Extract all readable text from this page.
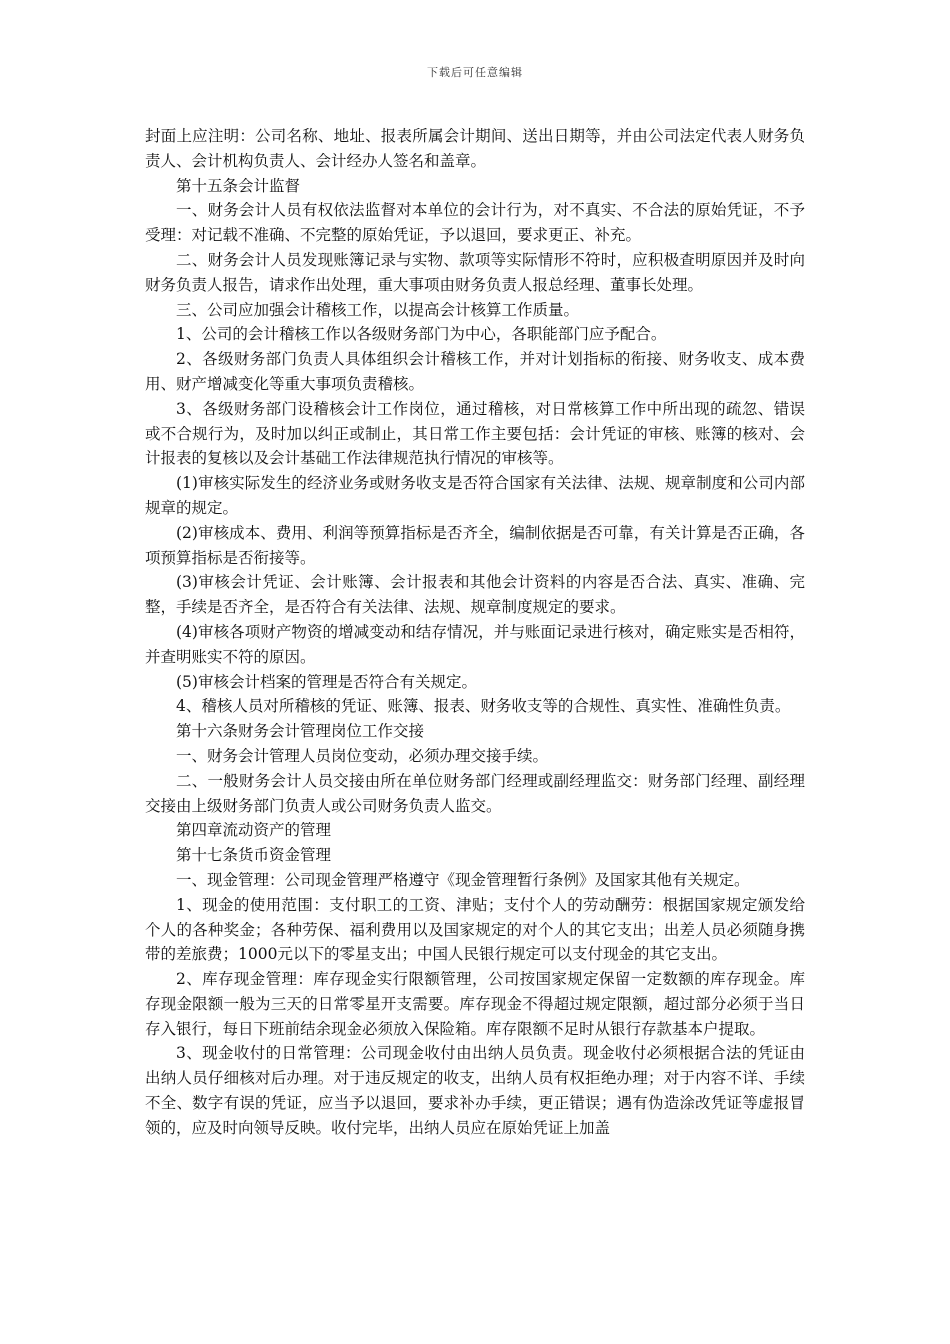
下载后可任意编辑

封面上应注明：公司名称、地址、报表所属会计期间、送出日期等，并由公司法定代表人财务负责人、会计机构负责人、会计经办人签名和盖章。

第十五条会计监督

一、财务会计人员有权依法监督对本单位的会计行为，对不真实、不合法的原始凭证，不予受理：对记载不准确、不完整的原始凭证，予以退回，要求更正、补充。

二、财务会计人员发现账簿记录与实物、款项等实际情形不符时，应积极查明原因并及时向财务负责人报告，请求作出处理，重大事项由财务负责人报总经理、董事长处理。

三、公司应加强会计稽核工作，以提高会计核算工作质量。

1、公司的会计稽核工作以各级财务部门为中心，各职能部门应予配合。

2、各级财务部门负责人具体组织会计稽核工作，并对计划指标的衔接、财务收支、成本费用、财产增减变化等重大事项负责稽核。

3、各级财务部门设稽核会计工作岗位，通过稽核，对日常核算工作中所出现的疏忽、错误或不合规行为，及时加以纠正或制止，其日常工作主要包括：会计凭证的审核、账簿的核对、会计报表的复核以及会计基础工作法律规范执行情况的审核等。

(1)审核实际发生的经济业务或财务收支是否符合国家有关法律、法规、规章制度和公司内部规章的规定。

(2)审核成本、费用、利润等预算指标是否齐全，编制依据是否可靠，有关计算是否正确，各项预算指标是否衔接等。

(3)审核会计凭证、会计账簿、会计报表和其他会计资料的内容是否合法、真实、准确、完整，手续是否齐全，是否符合有关法律、法规、规章制度规定的要求。

(4)审核各项财产物资的增减变动和结存情况，并与账面记录进行核对，确定账实是否相符，并查明账实不符的原因。

(5)审核会计档案的管理是否符合有关规定。

4、稽核人员对所稽核的凭证、账簿、报表、财务收支等的合规性、真实性、准确性负责。

第十六条财务会计管理岗位工作交接

一、财务会计管理人员岗位变动，必须办理交接手续。

二、一般财务会计人员交接由所在单位财务部门经理或副经理监交：财务部门经理、副经理交接由上级财务部门负责人或公司财务负责人监交。

第四章流动资产的管理

第十七条货币资金管理

一、现金管理：公司现金管理严格遵守《现金管理暂行条例》及国家其他有关规定。

1、现金的使用范围：支付职工的工资、津贴；支付个人的劳动酬劳：根据国家规定颁发给个人的各种奖金；各种劳保、福利费用以及国家规定的对个人的其它支出；出差人员必须随身携带的差旅费；1000元以下的零星支出；中国人民银行规定可以支付现金的其它支出。

2、库存现金管理：库存现金实行限额管理，公司按国家规定保留一定数额的库存现金。库存现金限额一般为三天的日常零星开支需要。库存现金不得超过规定限额，超过部分必须于当日存入银行，每日下班前结余现金必须放入保险箱。库存限额不足时从银行存款基本户提取。

3、现金收付的日常管理：公司现金收付由出纳人员负责。现金收付必须根据合法的凭证由出纳人员仔细核对后办理。对于违反规定的收支，出纳人员有权拒绝办理；对于内容不详、手续不全、数字有误的凭证，应当予以退回，要求补办手续，更正错误；遇有伪造涂改凭证等虚报冒领的，应及时向领导反映。收付完毕，出纳人员应在原始凭证上加盖
